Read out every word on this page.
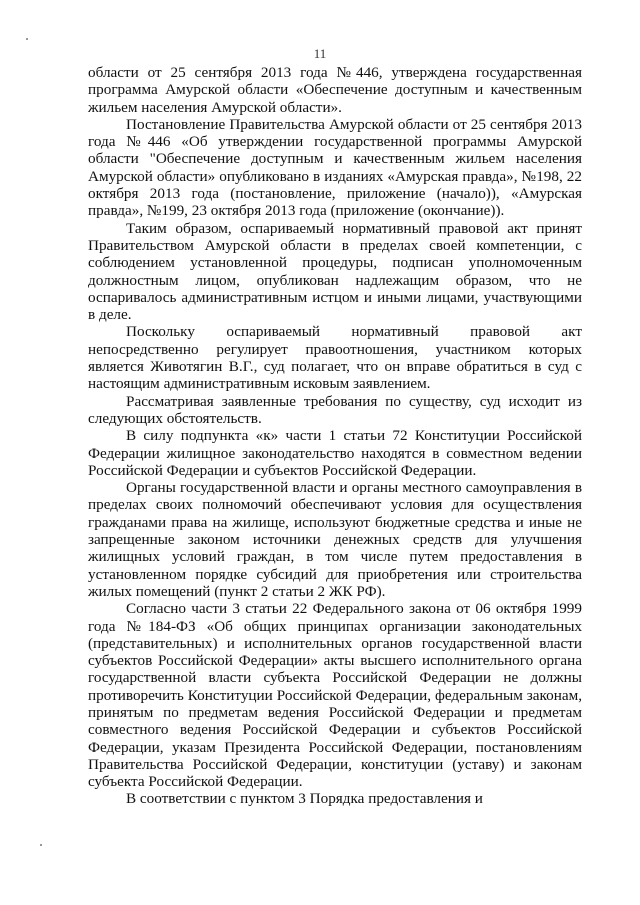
11

области от 25 сентября 2013 года №446, утверждена государственная программа Амурской области «Обеспечение доступным и качественным жильем населения Амурской области».

Постановление Правительства Амурской области от 25 сентября 2013 года №446 «Об утверждении государственной программы Амурской области "Обеспечение доступным и качественным жильем населения Амурской области» опубликовано в изданиях «Амурская правда», №198, 22 октября 2013 года (постановление, приложение (начало)), «Амурская правда», №199, 23 октября 2013 года (приложение (окончание)).

Таким образом, оспариваемый нормативный правовой акт принят Правительством Амурской области в пределах своей компетенции, с соблюдением установленной процедуры, подписан уполномоченным должностным лицом, опубликован надлежащим образом, что не оспаривалось административным истцом и иными лицами, участвующими в деле.

Поскольку оспариваемый нормативный правовой акт непосредственно регулирует правоотношения, участником которых является Животягин В.Г., суд полагает, что он вправе обратиться в суд с настоящим административным исковым заявлением.

Рассматривая заявленные требования по существу, суд исходит из следующих обстоятельств.

В силу подпункта «к» части 1 статьи 72 Конституции Российской Федерации жилищное законодательство находятся в совместном ведении Российской Федерации и субъектов Российской Федерации.

Органы государственной власти и органы местного самоуправления в пределах своих полномочий обеспечивают условия для осуществления гражданами права на жилище, используют бюджетные средства и иные не запрещенные законом источники денежных средств для улучшения жилищных условий граждан, в том числе путем предоставления в установленном порядке субсидий для приобретения или строительства жилых помещений (пункт 2 статьи 2 ЖК РФ).

Согласно части 3 статьи 22 Федерального закона от 06 октября 1999 года №184-ФЗ «Об общих принципах организации законодательных (представительных) и исполнительных органов государственной власти субъектов Российской Федерации» акты высшего исполнительного органа государственной власти субъекта Российской Федерации не должны противоречить Конституции Российской Федерации, федеральным законам, принятым по предметам ведения Российской Федерации и предметам совместного ведения Российской Федерации и субъектов Российской Федерации, указам Президента Российской Федерации, постановлениям Правительства Российской Федерации, конституции (уставу) и законам субъекта Российской Федерации.

В соответствии с пунктом 3 Порядка предоставления и
